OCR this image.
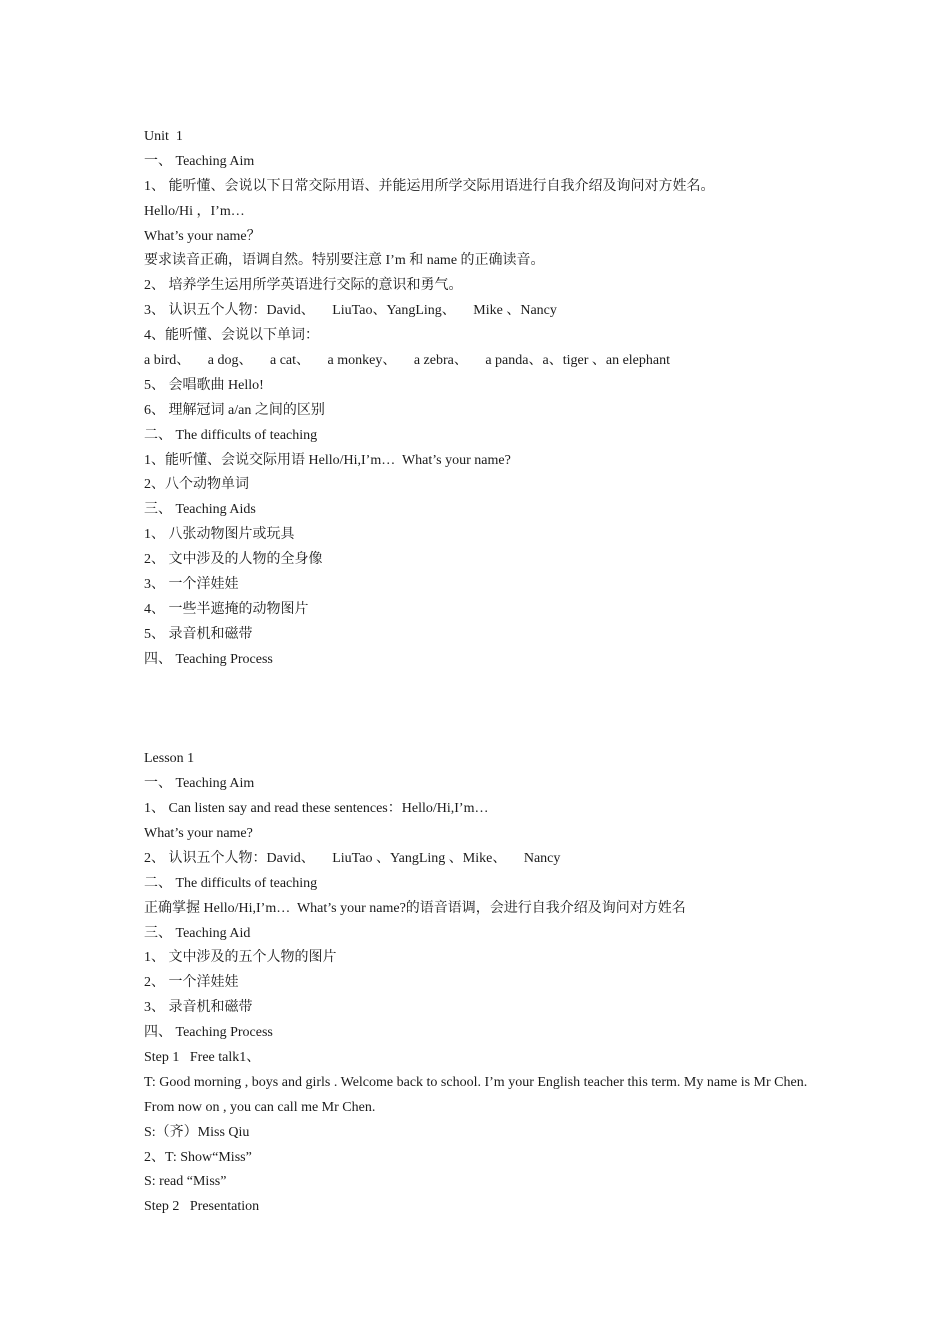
Unit  1
一、 Teaching Aim
1、 能听懂、会说以下日常交际用语、并能运用所学交际用语进行自我介绍及询问对方姓名。
Hello/Hi ，I’m…
What’s your name？
要求读音正确，语调自然。特别要注意 I’m 和 name 的正确读音。
2、 培养学生运用所学英语进行交际的意识和勇气。
3、 认识五个人物：David、     LiuTao、YangLing、     Mike 、Nancy
4、能听懂、会说以下单词：
a bird、     a dog、     a cat、     a monkey、     a zebra、     a panda、a、tiger 、an elephant
5、 会唱歌曲 Hello!
6、 理解冠词 a/an 之间的区别
二、 The difficults of teaching
1、能听懂、会说交际用语 Hello/Hi,I’m…  What’s your name?
2、八个动物单词
三、 Teaching Aids
1、 八张动物图片或玩具
2、 文中涉及的人物的全身像
3、 一个洋娃娃
4、 一些半遮掩的动物图片
5、 录音机和磁带
四、 Teaching Process
Lesson 1
一、 Teaching Aim
1、 Can listen say and read these sentences：Hello/Hi,I’m…
What’s your name?
2、 认识五个人物：David、     LiuTao 、YangLing 、Mike、     Nancy
二、 The difficults of teaching
正确掌握 Hello/Hi,I’m…  What’s your name?的语音语调，会进行自我介绍及询问对方姓名
三、 Teaching Aid
1、 文中涉及的五个人物的图片
2、 一个洋娃娃
3、 录音机和磁带
四、 Teaching Process
Step 1   Free talk1、
T: Good morning , boys and girls . Welcome back to school. I’m your English teacher this term. My name is Mr Chen. From now on , you can call me Mr Chen.
S:（齐）Miss Qiu
2、T: Show“Miss”
S: read “Miss”
Step 2   Presentation
